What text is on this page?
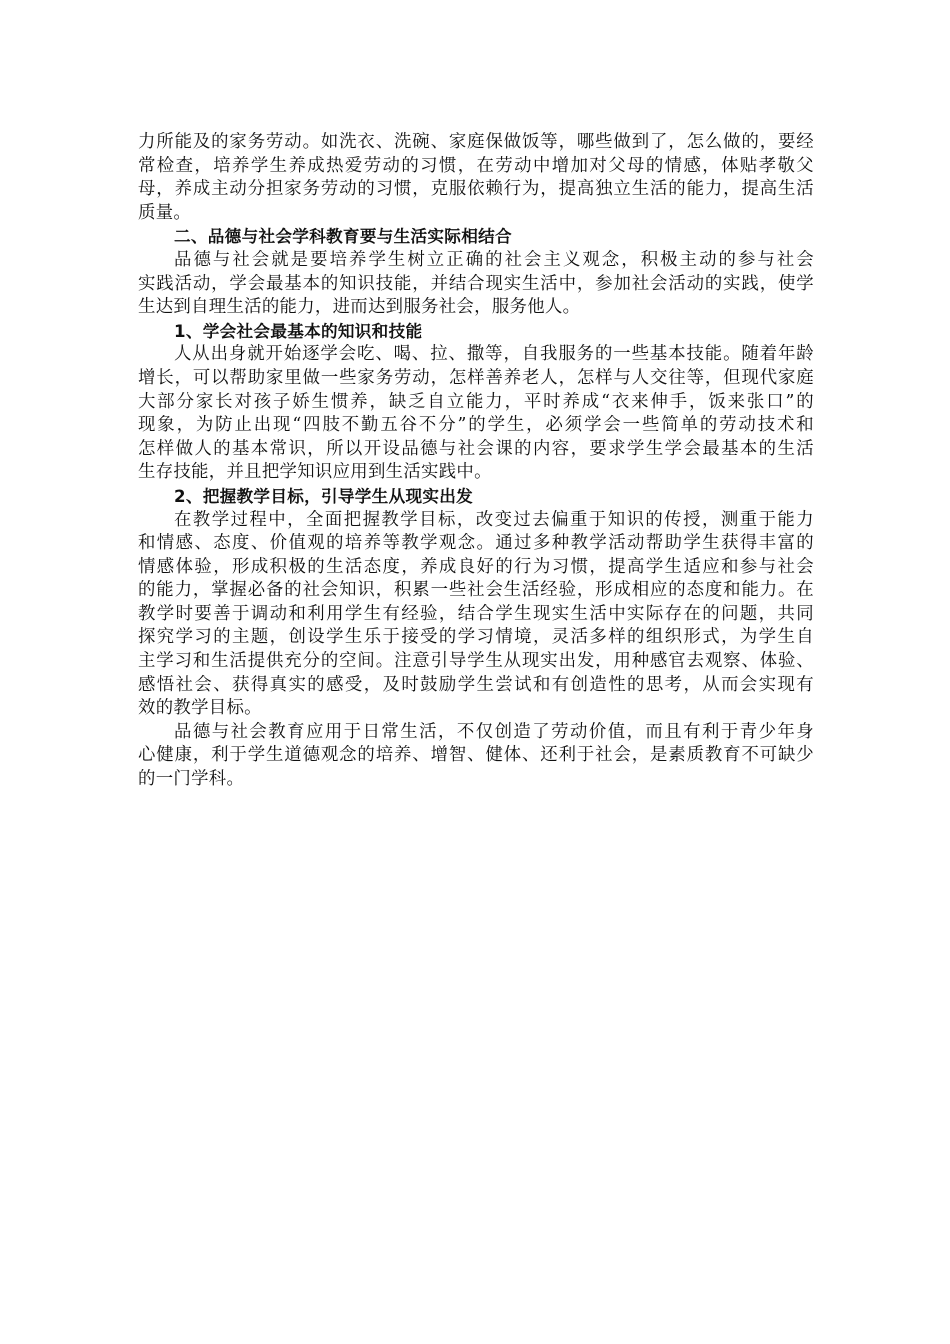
力所能及的家务劳动。如洗衣、洗碗、家庭保做饭等，哪些做到了，怎么做的，要经
常检查，培养学生养成热爱劳动的习惯，在劳动中增加对父母的情感，体贴孝敬父
母，养成主动分担家务劳动的习惯，克服依赖行为，提高独立生活的能力，提高生活
质量。
二、品德与社会学科教育要与生活实际相结合
品德与社会就是要培养学生树立正确的社会主义观念，积极主动的参与社会
实践活动，学会最基本的知识技能，并结合现实生活中，参加社会活动的实践，使学
生达到自理生活的能力，进而达到服务社会，服务他人。
1、学会社会最基本的知识和技能
人从出身就开始逐学会吃、喝、拉、撒等，自我服务的一些基本技能。随着年龄
增长，可以帮助家里做一些家务劳动，怎样善养老人，怎样与人交往等，但现代家庭
大部分家长对孩子娇生惯养，缺乏自立能力，平时养成“衣来伸手，饭来张口”的
现象，为防止出现“四肢不勤五谷不分”的学生，必须学会一些简单的劳动技术和
怎样做人的基本常识，所以开设品德与社会课的内容，要求学生学会最基本的生活
生存技能，并且把学知识应用到生活实践中。
2、把握教学目标，引导学生从现实出发
在教学过程中，全面把握教学目标，改变过去偏重于知识的传授，测重于能力
和情感、态度、价值观的培养等教学观念。通过多种教学活动帮助学生获得丰富的
情感体验，形成积极的生活态度，养成良好的行为习惯，提高学生适应和参与社会
的能力，掌握必备的社会知识，积累一些社会生活经验，形成相应的态度和能力。在
教学时要善于调动和利用学生有经验，结合学生现实生活中实际存在的问题，共同
探究学习的主题，创设学生乐于接受的学习情境，灵活多样的组织形式，为学生自
主学习和生活提供充分的空间。注意引导学生从现实出发，用种感官去观察、体验、
感悟社会、获得真实的感受，及时鼓励学生尝试和有创造性的思考，从而会实现有
效的教学目标。
品德与社会教育应用于日常生活，不仅创造了劳动价值，而且有利于青少年身
心健康，利于学生道德观念的培养、增智、健体、还利于社会，是素质教育不可缺少
的一门学科。
